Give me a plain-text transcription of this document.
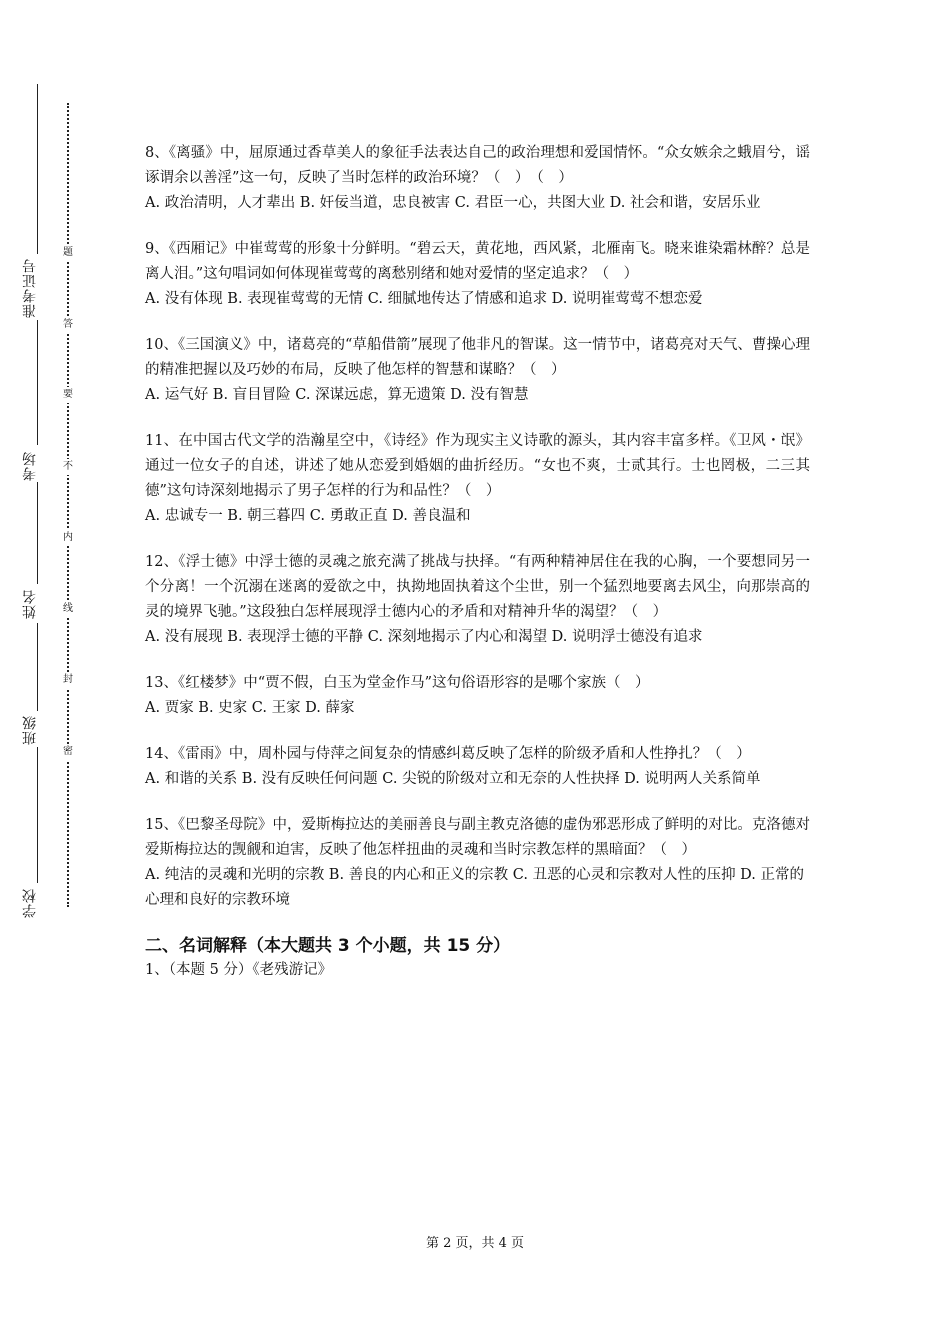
准考证号
考场
姓名
班级
学校
题
答
要
不
内
线
封
密

8、《离骚》中，屈原通过香草美人的象征手法表达自己的政治理想和爱国情怀。“众女嫉余之蛾眉兮，谣诼谓余以善淫”这一句，反映了当时怎样的政治环境？（　）　（　）

A. 政治清明，人才辈出 B. 奸佞当道，忠良被害 C. 君臣一心，共图大业 D. 社会和谐，安居乐业

9、《西厢记》中崔莺莺的形象十分鲜明。“碧云天，黄花地，西风紧，北雁南飞。晓来谁染霜林醉？总是离人泪。”这句唱词如何体现崔莺莺的离愁别绪和她对爱情的坚定追求？（　）

A. 没有体现 B. 表现崔莺莺的无情 C. 细腻地传达了情感和追求 D. 说明崔莺莺不想恋爱

10、《三国演义》中，诸葛亮的“草船借箭”展现了他非凡的智谋。这一情节中，诸葛亮对天气、曹操心理的精准把握以及巧妙的布局，反映了他怎样的智慧和谋略？（　）

A. 运气好 B. 盲目冒险 C. 深谋远虑，算无遗策 D. 没有智慧

11、在中国古代文学的浩瀚星空中，《诗经》作为现实主义诗歌的源头，其内容丰富多样。《卫风・氓》通过一位女子的自述，讲述了她从恋爱到婚姻的曲折经历。“女也不爽，士贰其行。士也罔极，二三其德”这句诗深刻地揭示了男子怎样的行为和品性？（　）

A. 忠诚专一 B. 朝三暮四 C. 勇敢正直 D. 善良温和

12、《浮士德》中浮士德的灵魂之旅充满了挑战与抉择。“有两种精神居住在我的心胸，一个要想同另一个分离！一个沉溺在迷离的爱欲之中，执拗地固执着这个尘世，别一个猛烈地要离去风尘，向那崇高的灵的境界飞驰。”这段独白怎样展现浮士德内心的矛盾和对精神升华的渴望？（　）

A. 没有展现 B. 表现浮士德的平静 C. 深刻地揭示了内心和渴望 D. 说明浮士德没有追求

13、《红楼梦》中“贾不假，白玉为堂金作马”这句俗语形容的是哪个家族（　）

A. 贾家 B. 史家 C. 王家 D. 薛家

14、《雷雨》中，周朴园与侍萍之间复杂的情感纠葛反映了怎样的阶级矛盾和人性挣扎？（　）

A. 和谐的关系 B. 没有反映任何问题 C. 尖锐的阶级对立和无奈的人性抉择 D. 说明两人关系简单

15、《巴黎圣母院》中，爱斯梅拉达的美丽善良与副主教克洛德的虚伪邪恶形成了鲜明的对比。克洛德对爱斯梅拉达的觊觎和迫害，反映了他怎样扭曲的灵魂和当时宗教怎样的黑暗面？（　）

A. 纯洁的灵魂和光明的宗教 B. 善良的内心和正义的宗教 C. 丑恶的心灵和宗教对人性的压抑 D. 正常的心理和良好的宗教环境

二、名词解释（本大题共 3 个小题，共 15 分）

1、（本题 5 分）《老残游记》

第 2 页，共 4 页
